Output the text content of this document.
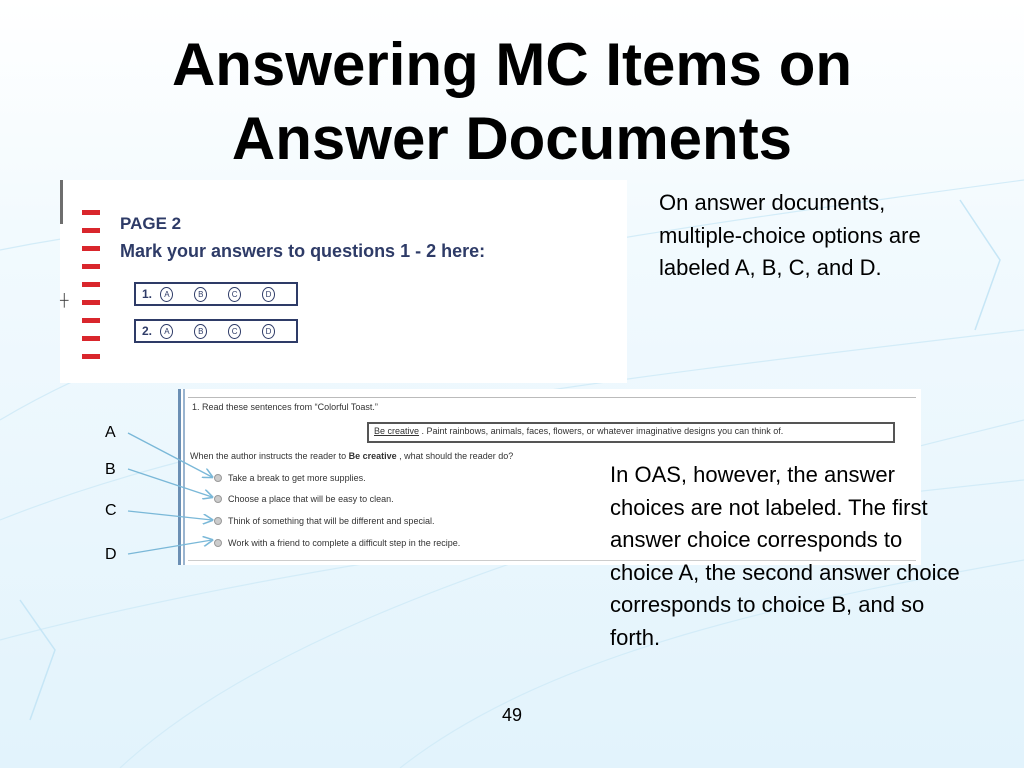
Answering MC Items on
Answer Documents
┼
PAGE 2
Mark your answers to questions 1 - 2 here:
1.	A	B	C	D
2.	A	B	C	D
On answer documents, multiple-choice options are labeled A, B, C, and D.
1. Read these sentences from “Colorful Toast.”
Be creative . Paint rainbows, animals, faces, flowers, or whatever imaginative designs you can think of.
When the author instructs the reader to Be creative , what should the reader do?
Take a break to get more supplies.
Choose a place that will be easy to clean.
Think of something that will be different and special.
Work with a friend to complete a difficult step in the recipe.
A
B
C
D
In OAS, however, the answer choices are not labeled. The first answer choice corresponds to choice A, the second answer choice corresponds to choice B, and so forth.
49
